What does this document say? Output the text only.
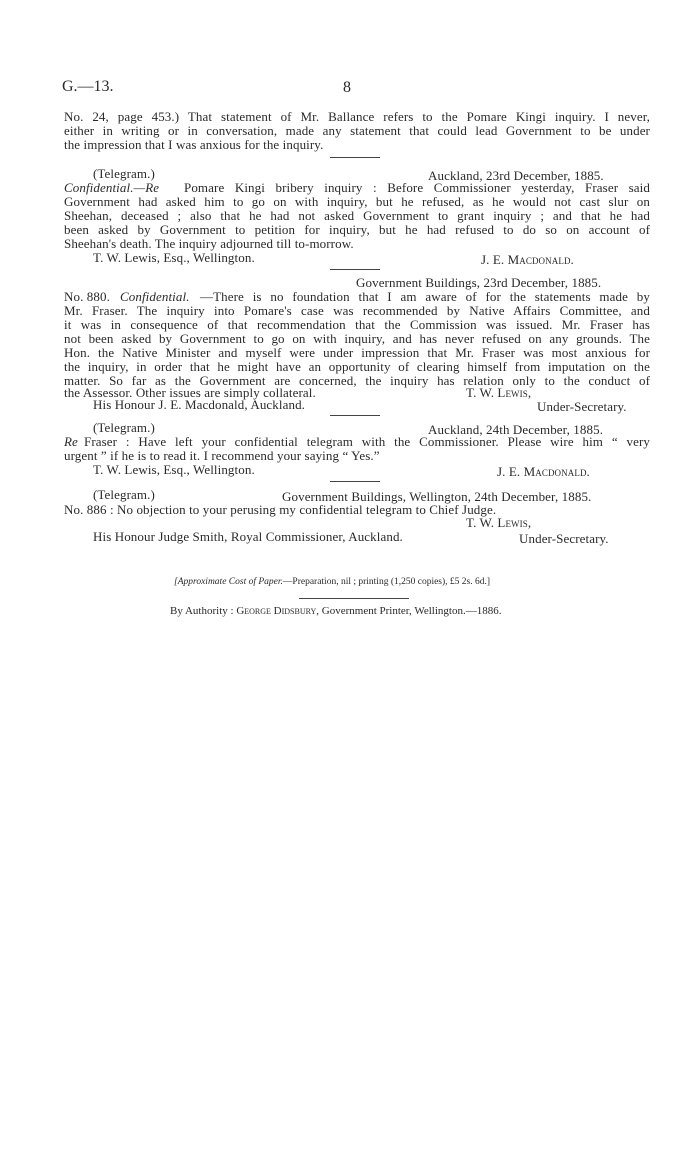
G.—13.	8
No. 24, page 453.) That statement of Mr. Ballance refers to the Pomare Kingi inquiry. I never,
either in writing or in conversation, made any statement that could lead Government to be under
the impression that I was anxious for the inquiry.
(Telegram.)	Auckland, 23rd December, 1885.
Confidential.—Re Pomare Kingi bribery inquiry : Before Commissioner yesterday, Fraser said
Government had asked him to go on with inquiry, but he refused, as he would not cast slur on
Sheehan, deceased ; also that he had not asked Government to grant inquiry ; and that he had
been asked by Government to petition for inquiry, but he had refused to do so on account of
Sheehan's death. The inquiry adjourned till to-morrow.
T. W. Lewis, Esq., Wellington.	J. E. Macdonald.
Government Buildings, 23rd December, 1885.
No. 880. Confidential. —There is no foundation that I am aware of for the statements made by
Mr. Fraser. The inquiry into Pomare's case was recommended by Native Affairs Committee, and
it was in consequence of that recommendation that the Commission was issued. Mr. Fraser has
not been asked by Government to go on with inquiry, and has never refused on any grounds. The
Hon. the Native Minister and myself were under impression that Mr. Fraser was most anxious for
the inquiry, in order that he might have an opportunity of clearing himself from imputation on the
matter. So far as the Government are concerned, the inquiry has relation only to the conduct of
the Assessor. Other issues are simply collateral.	T. W. Lewis,
His Honour J. E. Macdonald, Auckland.	Under-Secretary.
(Telegram.)	Auckland, 24th December, 1885.
Re Fraser : Have left your confidential telegram with the Commissioner. Please wire him “ very
urgent ” if he is to read it. I recommend your saying “ Yes.”
T. W. Lewis, Esq., Wellington.	J. E. Macdonald.
(Telegram.)	Government Buildings, Wellington, 24th December, 1885.
No. 886 : No objection to your perusing my confidential telegram to Chief Judge.
T. W. Lewis,
His Honour Judge Smith, Royal Commissioner, Auckland.	Under-Secretary.
[Approximate Cost of Paper.—Preparation, nil ; printing (1,250 copies), £5 2s. 6d.]
By Authority : George Didsbury, Government Printer, Wellington.—1886.
